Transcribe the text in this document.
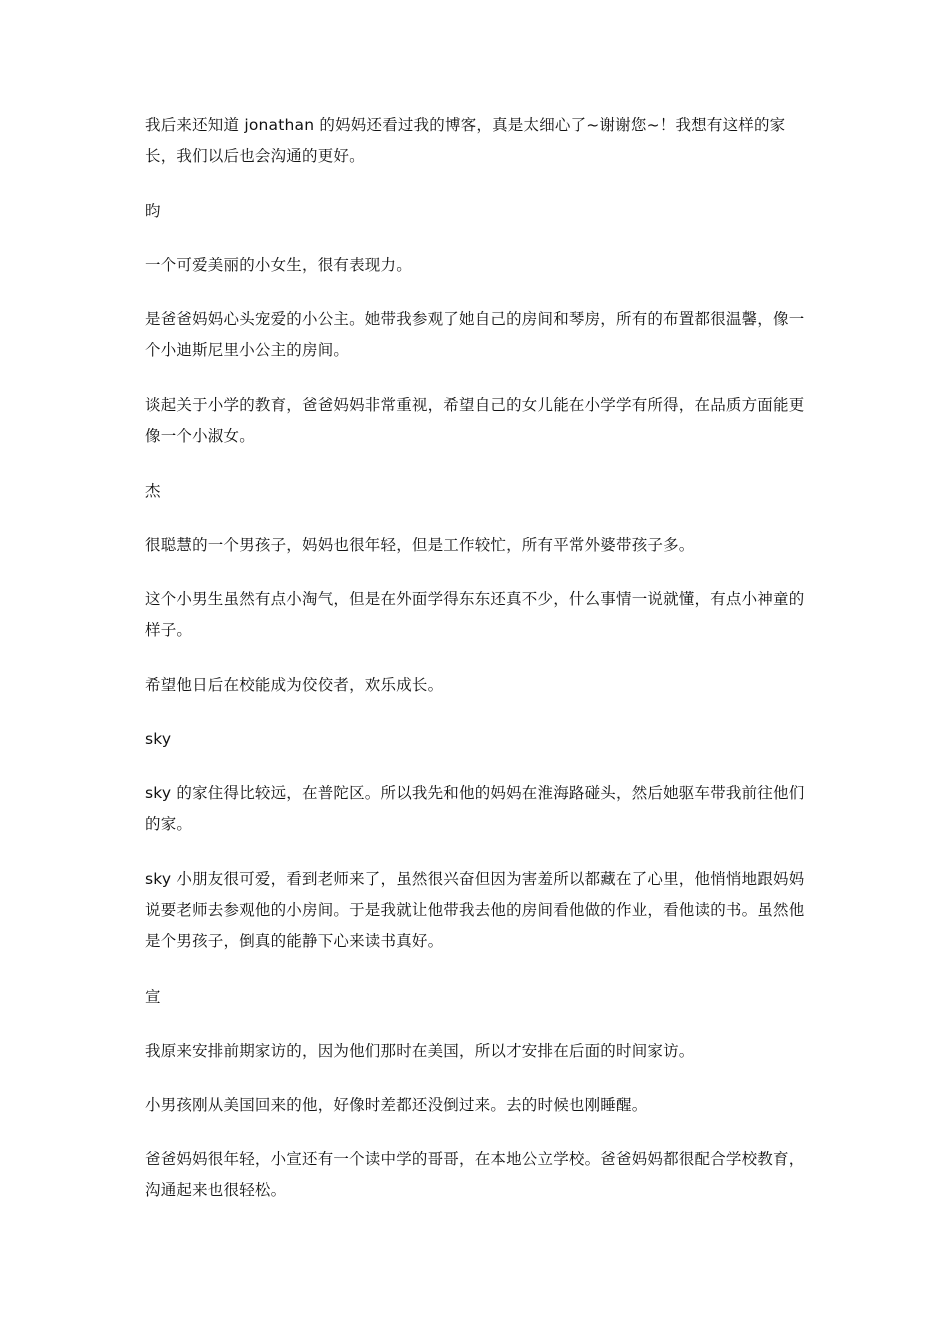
我后来还知道 jonathan 的妈妈还看过我的博客，真是太细心了~谢谢您~！我想有这样的家长，我们以后也会沟通的更好。

昀

一个可爱美丽的小女生，很有表现力。

是爸爸妈妈心头宠爱的小公主。她带我参观了她自己的房间和琴房，所有的布置都很温馨，像一个小迪斯尼里小公主的房间。

谈起关于小学的教育，爸爸妈妈非常重视，希望自己的女儿能在小学学有所得，在品质方面能更像一个小淑女。

杰

很聪慧的一个男孩子，妈妈也很年轻，但是工作较忙，所有平常外婆带孩子多。

这个小男生虽然有点小淘气，但是在外面学得东东还真不少，什么事情一说就懂，有点小神童的样子。

希望他日后在校能成为佼佼者，欢乐成长。

sky

sky 的家住得比较远，在普陀区。所以我先和他的妈妈在淮海路碰头，然后她驱车带我前往他们的家。

sky 小朋友很可爱，看到老师来了，虽然很兴奋但因为害羞所以都藏在了心里，他悄悄地跟妈妈说要老师去参观他的小房间。于是我就让他带我去他的房间看他做的作业，看他读的书。虽然他是个男孩子，倒真的能静下心来读书真好。

宣

我原来安排前期家访的，因为他们那时在美国，所以才安排在后面的时间家访。

小男孩刚从美国回来的他，好像时差都还没倒过来。去的时候也刚睡醒。

爸爸妈妈很年轻，小宣还有一个读中学的哥哥，在本地公立学校。爸爸妈妈都很配合学校教育，沟通起来也很轻松。
